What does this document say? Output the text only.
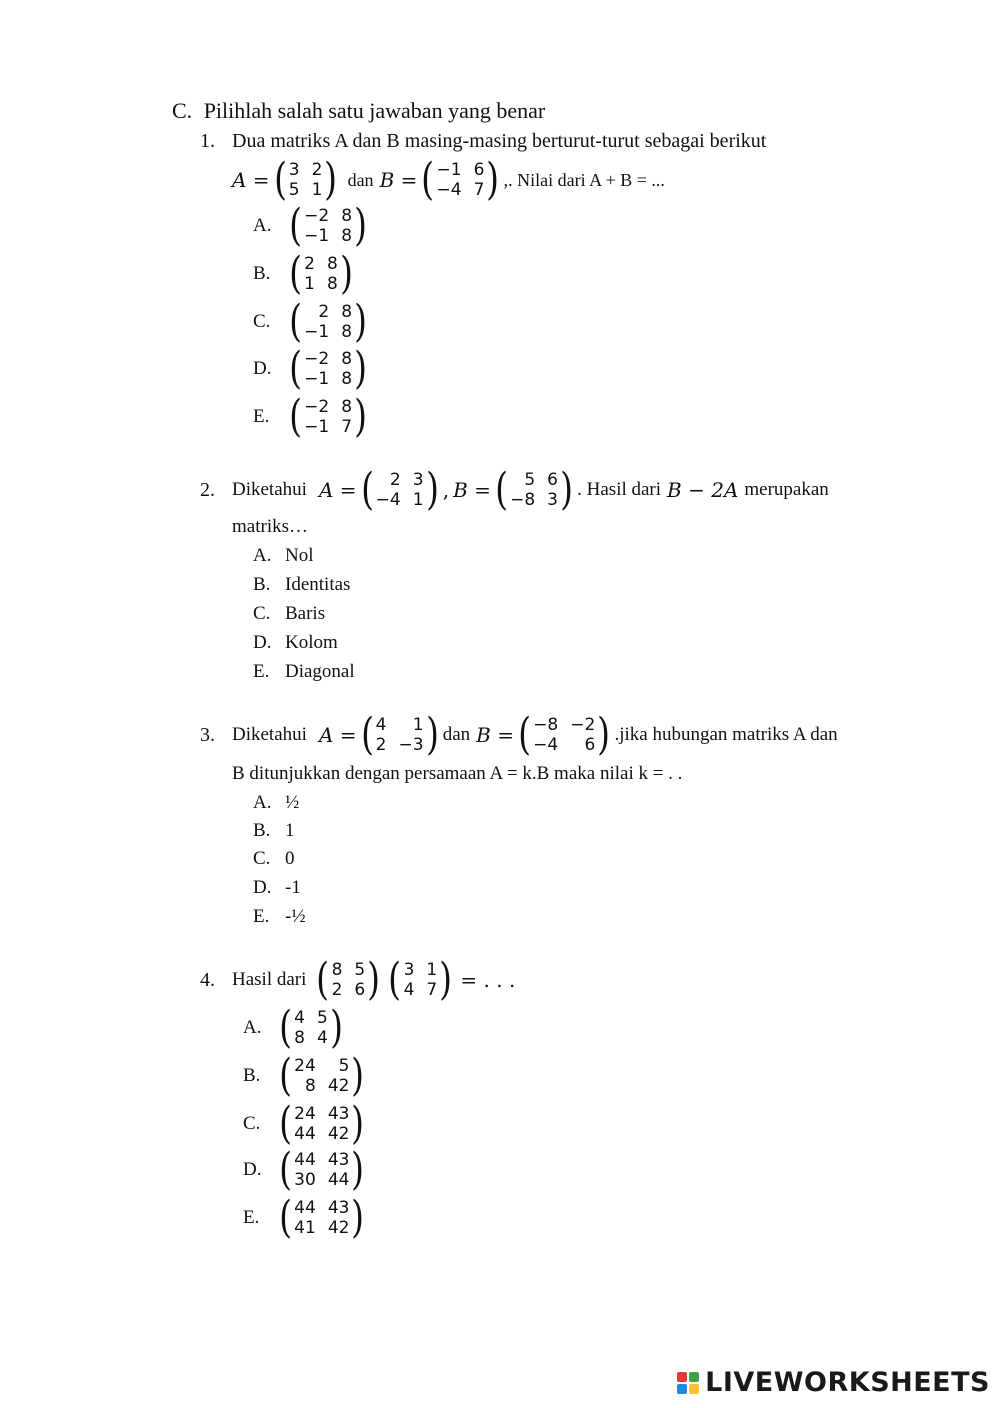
C. Pilihlah salah satu jawaban yang benar
1. Dua matriks A dan B masing-masing berturut-turut sebagai berikut
A = ( 3 2
5 1 ) dan B = ( −1 6
−4 7 ) ,. Nilai dari A + B = ...
A. ( −2 8
−1 8 )
B. ( 2 8
1 8 )
C. ( 2 8
−1 8 )
D. ( −2 8
−1 8 )
E. ( −2 8
−1 7 )
2. Diketahui A = ( 2 3
−4 1 ) , B = ( 5 6
−8 3 ) . Hasil dari B − 2A merupakan
matriks…
A. Nol
B. Identitas
C. Baris
D. Kolom
E. Diagonal
3. Diketahui A = ( 4	1
2 −3 ) dan B = ( −8 −2
−4	6 ) .jika hubungan matriks A dan
B ditunjukkan dengan persamaan A = k.B maka nilai k = . .
A. ½
B. 1
C. 0
D. -1
E. -½
4. Hasil dari ( 8 5
2 6 ) ( 3 1
4 7 ) = . . .
A. ( 4 5
8 4 )
B. ( 24	5
8 42 )
C. ( 24 43
44 42 )
D. ( 44 43
30 44 )
E. ( 44 43
41 42 )
LIVEWORKSHEETS
